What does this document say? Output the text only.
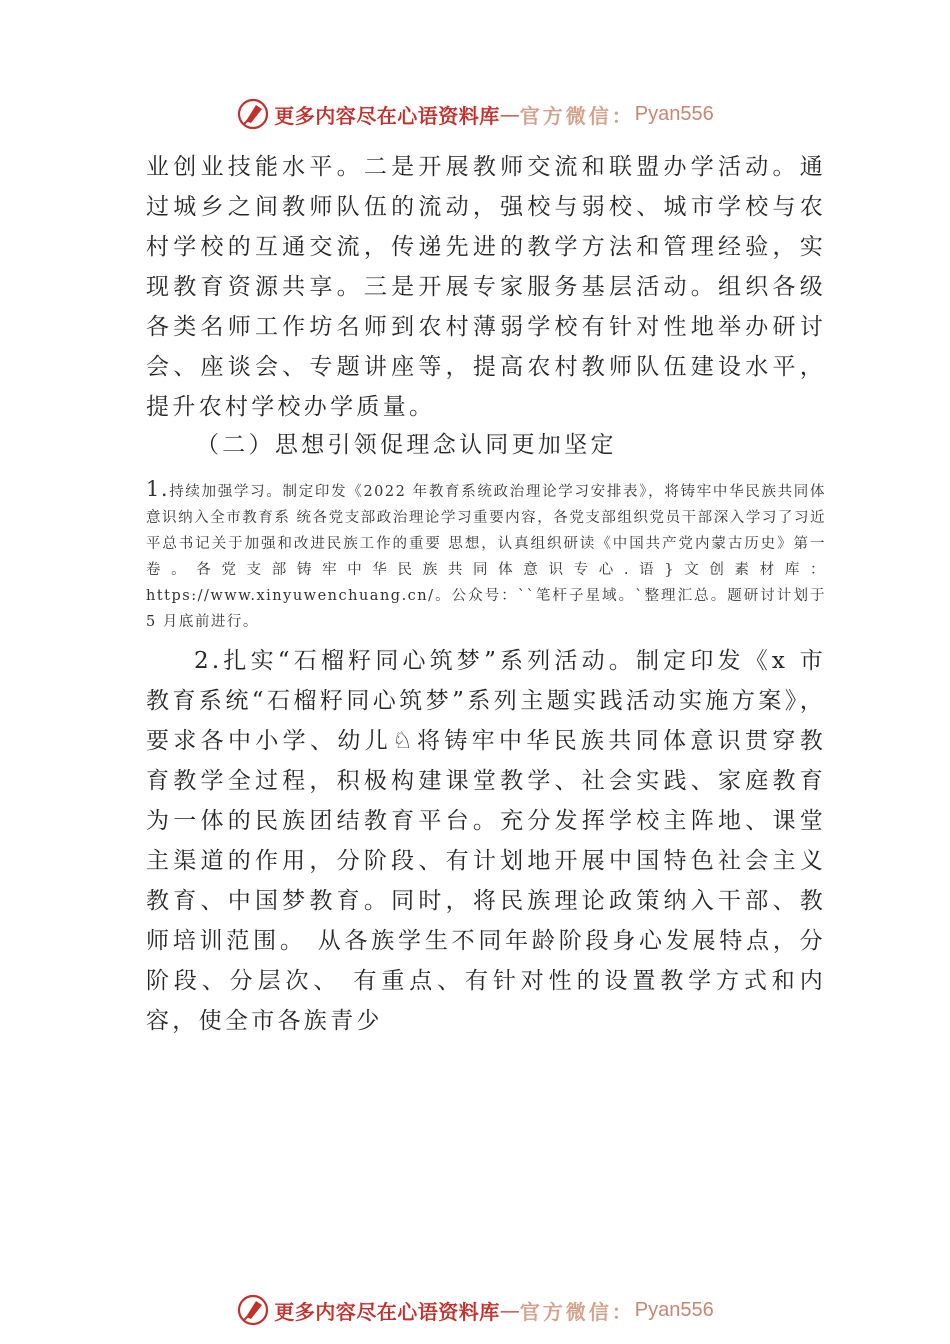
更多内容尽在心语资料库 — 官方微信： Pyan556

业创业技能水平。二是开展教师交流和联盟办学活动。通过城乡之间教师队伍的流动，强校与弱校、城市学校与农村学校的互通交流，传递先进的教学方法和管理经验，实现教育资源共享。三是开展专家服务基层活动。组织各级各类名师工作坊名师到农村薄弱学校有针对性地举办研讨会、座谈会、专题讲座等，提高农村教师队伍建设水平，提升农村学校办学质量。

（二）思想引领促理念认同更加坚定

1.持续加强学习。制定印发《2022 年教育系统政治理论学习安排表》，将铸牢中华民族共同体意识纳入全市教育系 统各党支部政治理论学习重要内容，各党支部组织党员干部深入学习了习近平总书记关于加强和改进民族工作的重要 思想，认真组织研读《中国共产党内蒙古历史》第一卷。各党支部铸牢中华民族共同体意识专心.语}文创素材库：https://www.xinyuwenchuang.cn/。公众号：``笔杆子星域。`整理汇总。题研讨计划于 5 月底前进行。

2.扎实“石榴籽同心筑梦”系列活动。制定印发《x 市教育系统“石榴籽同心筑梦”系列主题实践活动实施方案》，要求各中小学、幼儿♘将铸牢中华民族共同体意识贯穿教育教学全过程，积极构建课堂教学、社会实践、家庭教育为一体的民族团结教育平台。充分发挥学校主阵地、课堂主渠道的作用，分阶段、有计划地开展中国特色社会主义教育、中国梦教育。同时，将民族理论政策纳入干部、教师培训范围。 从各族学生不同年龄阶段身心发展特点，分阶段、分层次、 有重点、有针对性的设置教学方式和内容，使全市各族青少

更多内容尽在心语资料库 — 官方微信： Pyan556
